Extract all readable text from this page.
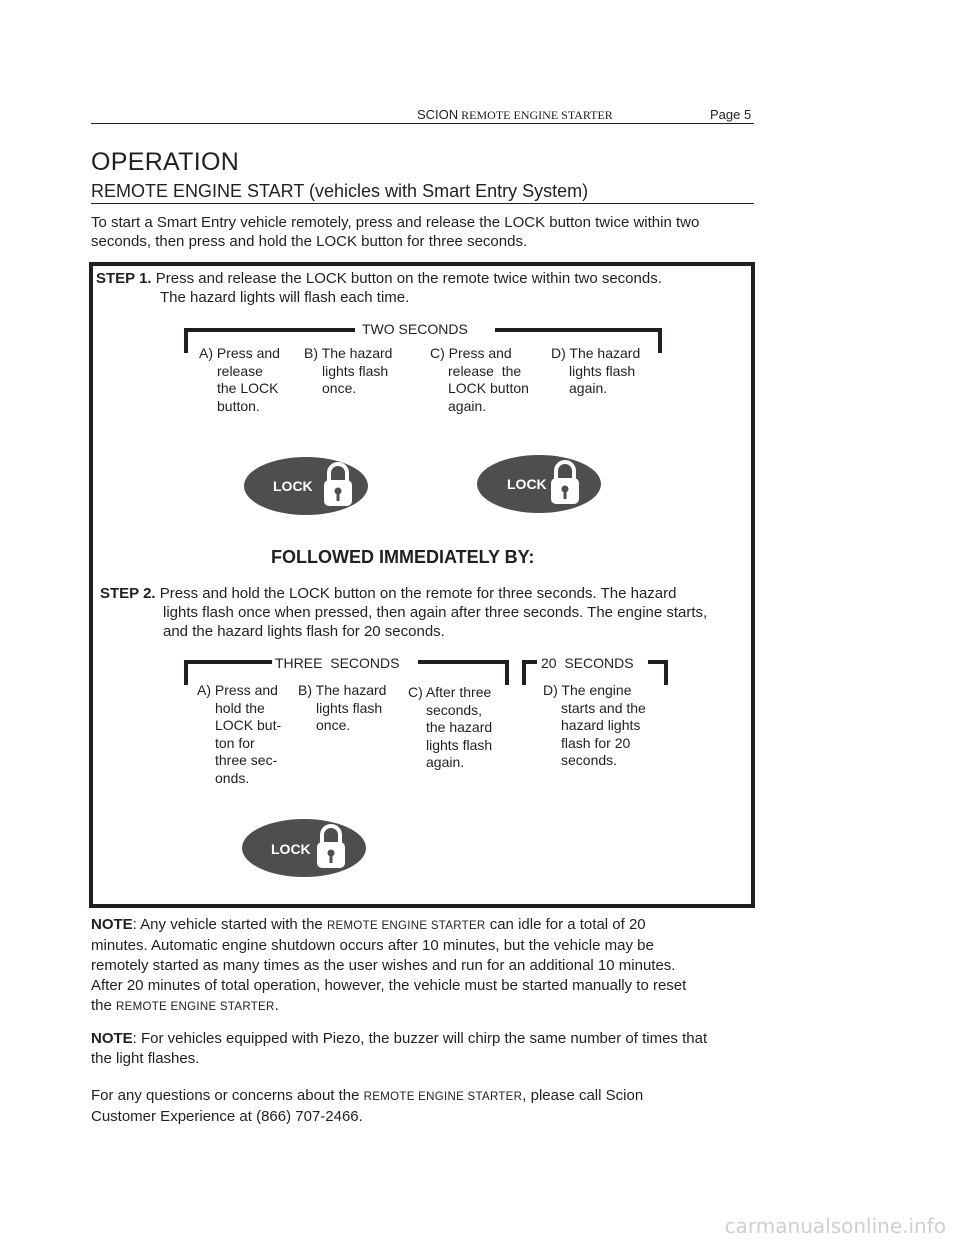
SCION REMOTE ENGINE STARTER	Page 5
OPERATION
REMOTE ENGINE START (vehicles with Smart Entry System)
To start a Smart Entry vehicle remotely, press and release the LOCK button twice within two
seconds, then press and hold the LOCK button for three seconds.
STEP 1. Press and release the LOCK button on the remote twice within two seconds.
The hazard lights will flash each time.
TWO SECONDS
A) Press and
release
the LOCK
button.
B) The hazard
lights flash
once.
C) Press and
release  the
LOCK button
again.
D) The hazard
lights flash
again.
LOCK	LOCK
FOLLOWED IMMEDIATELY BY:
STEP 2. Press and hold the LOCK button on the remote for three seconds. The hazard
lights flash once when pressed, then again after three seconds. The engine starts,
and the hazard lights flash for 20 seconds.
THREE  SECONDS	20  SECONDS
A) Press and
hold the
LOCK but-
ton for
three sec-
onds.
B) The hazard
lights flash
once.
C) After three
seconds,
the hazard
lights flash
again.
D) The engine
starts and the
hazard lights
flash for 20
seconds.
LOCK
NOTE: Any vehicle started with the REMOTE ENGINE STARTER can idle for a total of 20
minutes. Automatic engine shutdown occurs after 10 minutes, but the vehicle may be
remotely started as many times as the user wishes and run for an additional 10 minutes.
After 20 minutes of total operation, however, the vehicle must be started manually to reset
the REMOTE ENGINE STARTER.
NOTE: For vehicles equipped with Piezo, the buzzer will chirp the same number of times that
the light flashes.
For any questions or concerns about the REMOTE ENGINE STARTER, please call Scion
Customer Experience at (866) 707-2466.
carmanualsonline.info
